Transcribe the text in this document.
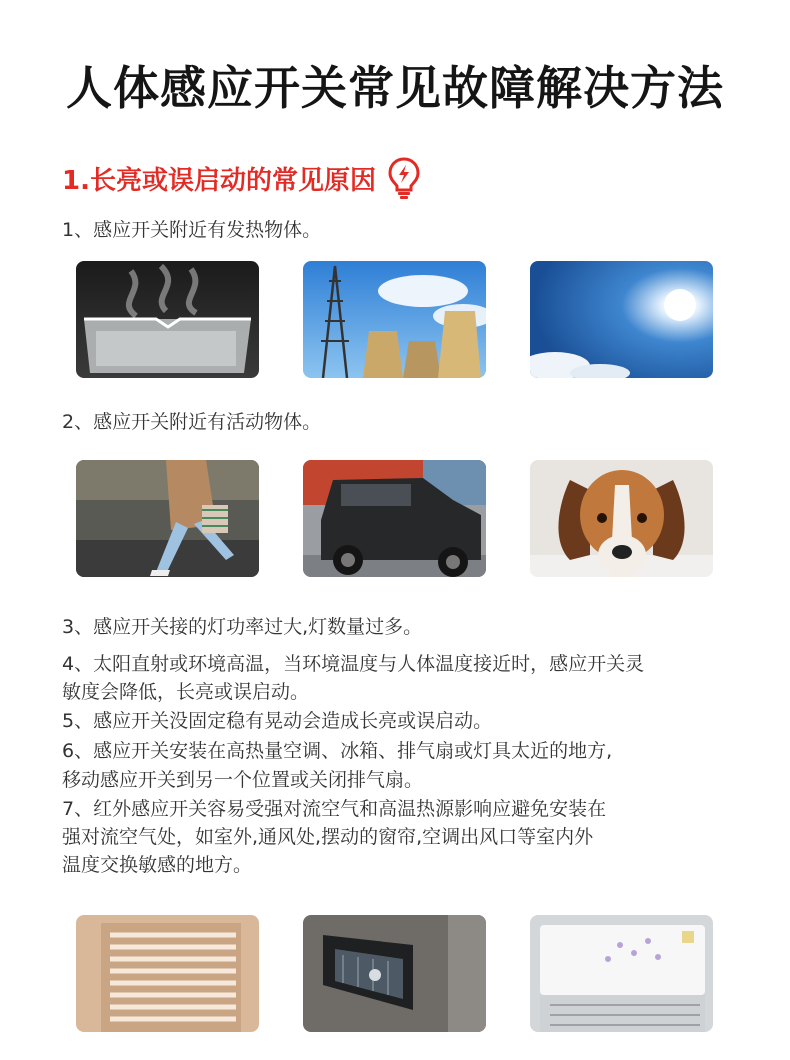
人体感应开关常见故障解决方法
1.长亮或误启动的常见原因

1、感应开关附近有发热物体。

2、感应开关附近有活动物体。

3、感应开关接的灯功率过大,灯数量过多。

4、太阳直射或环境高温，当环境温度与人体温度接近时，感应开关灵

敏度会降低，长亮或误启动。

5、感应开关没固定稳有晃动会造成长亮或误启动。

6、感应开关安装在高热量空调、冰箱、排气扇或灯具太近的地方,

移动感应开关到另一个位置或关闭排气扇。

7、红外感应开关容易受强对流空气和高温热源影响应避免安装在

强对流空气处，如室外,通风处,摆动的窗帘,空调出风口等室内外

温度交换敏感的地方。
